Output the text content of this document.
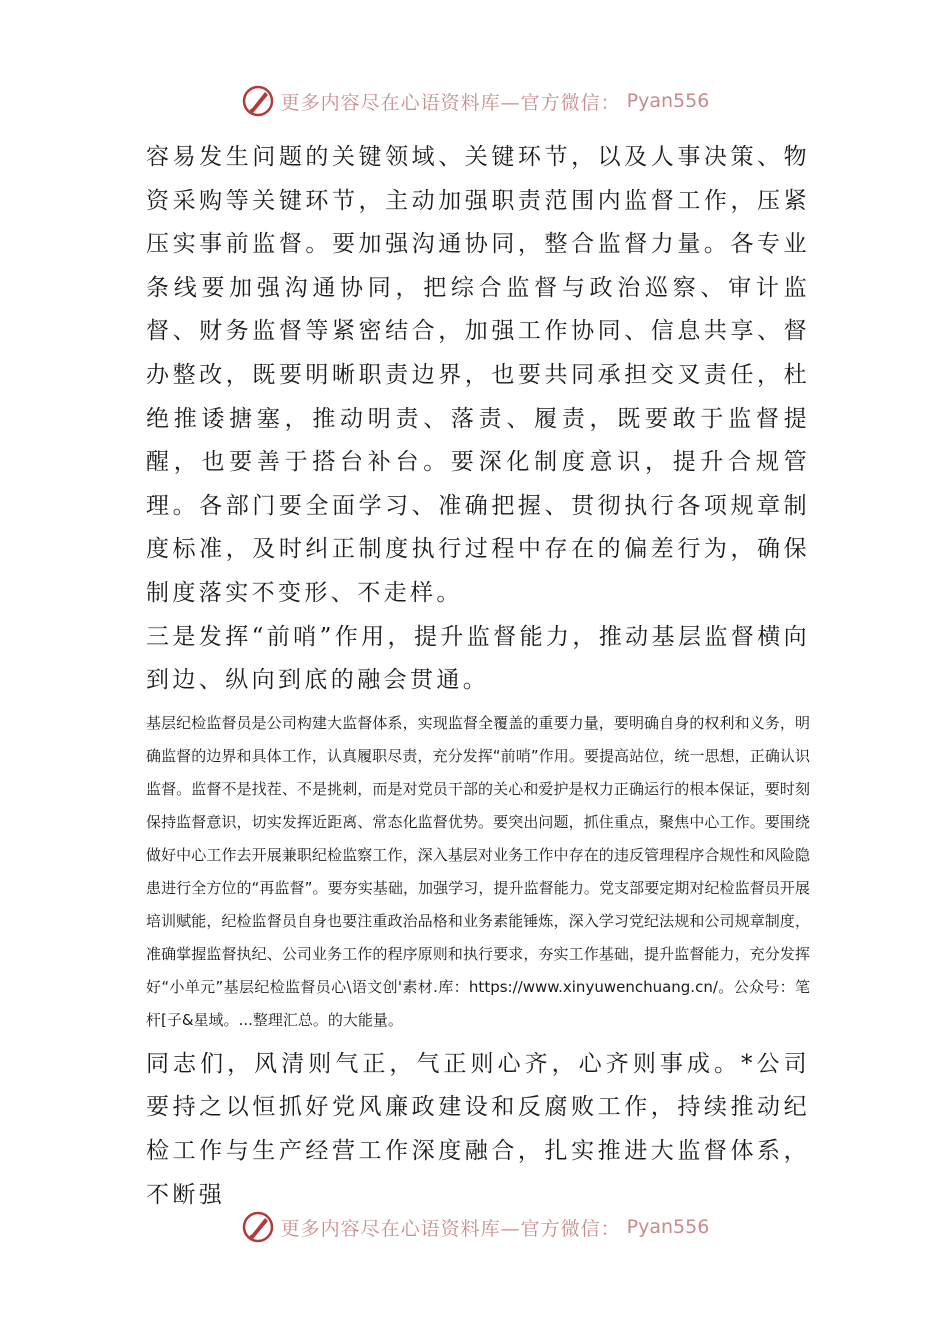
更多内容尽在心语资料库—官方微信： Pyan556

容易发生问题的关键领域、关键环节，以及人事决策、物资采购等关键环节，主动加强职责范围内监督工作，压紧压实事前监督。要加强沟通协同，整合监督力量。各专业条线要加强沟通协同，把综合监督与政治巡察、审计监督、财务监督等紧密结合，加强工作协同、信息共享、督办整改，既要明晰职责边界，也要共同承担交叉责任，杜绝推诿搪塞，推动明责、落责、履责，既要敢于监督提醒，也要善于搭台补台。要深化制度意识，提升合规管理。各部门要全面学习、准确把握、贯彻执行各项规章制度标准，及时纠正制度执行过程中存在的偏差行为，确保制度落实不变形、不走样。

三是发挥“前哨”作用，提升监督能力，推动基层监督横向到边、纵向到底的融会贯通。

基层纪检监督员是公司构建大监督体系，实现监督全覆盖的重要力量，要明确自身的权利和义务，明确监督的边界和具体工作，认真履职尽责，充分发挥“前哨”作用。要提高站位，统一思想，正确认识监督。监督不是找茬、不是挑刺，而是对党员干部的关心和爱护是权力正确运行的根本保证，要时刻保持监督意识，切实发挥近距离、常态化监督优势。要突出问题，抓住重点，聚焦中心工作。要围绕做好中心工作去开展兼职纪检监察工作，深入基层对业务工作中存在的违反管理程序合规性和风险隐患进行全方位的“再监督”。要夯实基础，加强学习，提升监督能力。党支部要定期对纪检监督员开展培训赋能，纪检监督员自身也要注重政治品格和业务素能锤炼，深入学习党纪法规和公司规章制度，准确掌握监督执纪、公司业务工作的程序原则和执行要求，夯实工作基础，提升监督能力，充分发挥好“小单元”基层纪检监督员心\语文创'素材.库：https://www.xinyuwenchuang.cn/。公众号：笔杆[子&星域。...整理汇总。的大能量。

同志们，风清则气正，气正则心齐，心齐则事成。*公司要持之以恒抓好党风廉政建设和反腐败工作，持续推动纪检工作与生产经营工作深度融合，扎实推进大监督体系，不断强

更多内容尽在心语资料库—官方微信： Pyan556
